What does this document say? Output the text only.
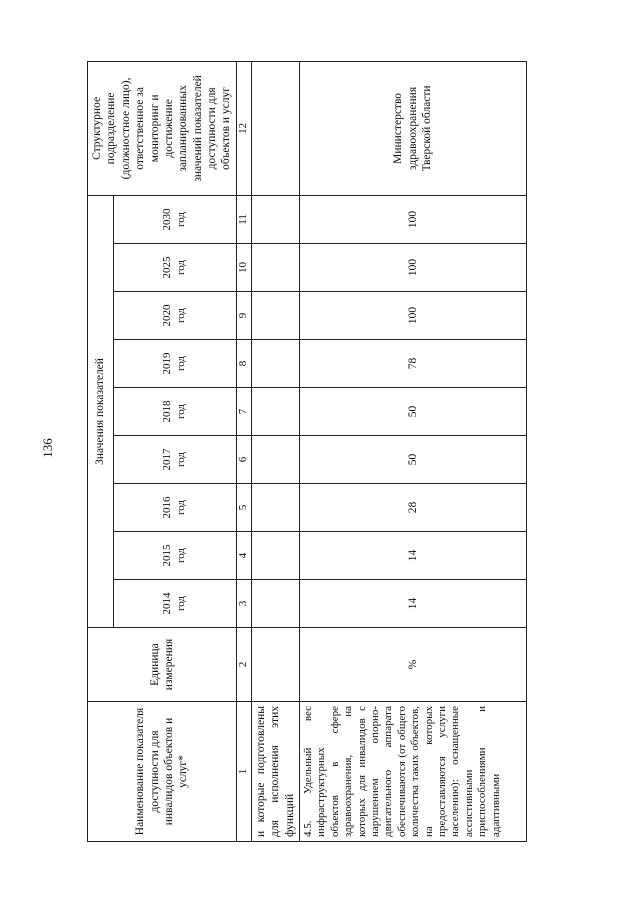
136
Наименование показателя доступности для инвалидов объектов и услуг*	Единица измерения	Значения показателей									Структурное подразделение (должностное лицо), ответственное за мониторинг и достижение запланированных значений показателей доступности для объектов и услуг
		2014 год	2015 год	2016 год	2017 год	2018 год	2019 год	2020 год	2025 год	2030 год	
1	2	3	4	5	6	7	8	9	10	11	12
и которые подготовлены для исполнения этих функций											
4.5. Удельный вес инфраструктурных объектов в сфере здравоохранения, на которых для инвалидов с нарушением опорно-двигательного аппарата обеспечиваются (от общего количества таких объектов, на которых предоставляются услуги населению): оснащенные ассистивными приспособлениями и адаптивными	%	14	14	28	50	50	78	100	100	100	Министерство здравоохранения Тверской области
